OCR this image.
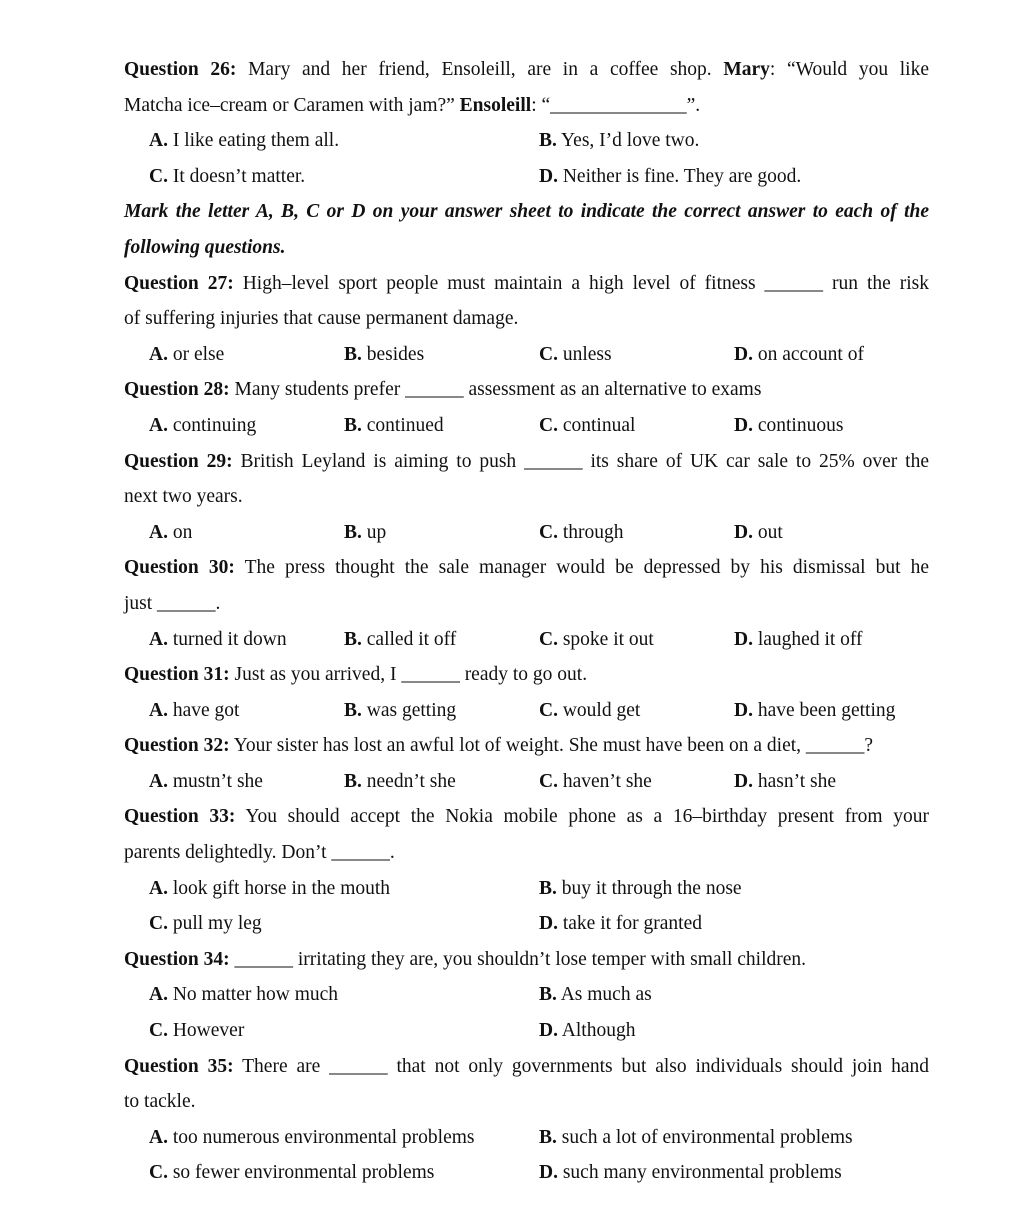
Question 26: Mary and her friend, Ensoleill, are in a coffee shop. Mary: “Would you like
Matcha ice–cream or Caramen with jam?” Ensoleill: “______________”.
A. I like eating them all.	B. Yes, I’d love two.
C. It doesn’t matter.	D. Neither is fine. They are good.
Mark the letter A, B, C or D on your answer sheet to indicate the correct answer to each of the
following questions.
Question 27: High–level sport people must maintain a high level of fitness ______ run the risk
of suffering injuries that cause permanent damage.
A. or else	B. besides	C. unless	D. on account of
Question 28: Many students prefer ______ assessment as an alternative to exams
A. continuing	B. continued	C. continual	D. continuous
Question 29: British Leyland is aiming to push ______ its share of UK car sale to 25% over the
next two years.
A. on	B. up	C. through	D. out
Question 30: The press thought the sale manager would be depressed by his dismissal but he
just ______.
A. turned it down	B. called it off	C. spoke it out	D. laughed it off
Question 31: Just as you arrived, I ______ ready to go out.
A. have got	B. was getting	C. would get	D. have been getting
Question 32: Your sister has lost an awful lot of weight. She must have been on a diet, ______?
A. mustn’t she	B. needn’t she	C. haven’t she	D. hasn’t she
Question 33: You should accept the Nokia mobile phone as a 16–birthday present from your
parents delightedly. Don’t ______.
A. look gift horse in the mouth	B. buy it through the nose
C. pull my leg	D. take it for granted
Question 34: ______ irritating they are, you shouldn’t lose temper with small children.
A. No matter how much	B. As much as
C. However	D. Although
Question 35: There are ______ that not only governments but also individuals should join hand
to tackle.
A. too numerous environmental problems	B. such a lot of environmental problems
C. so fewer environmental problems	D. such many environmental problems
